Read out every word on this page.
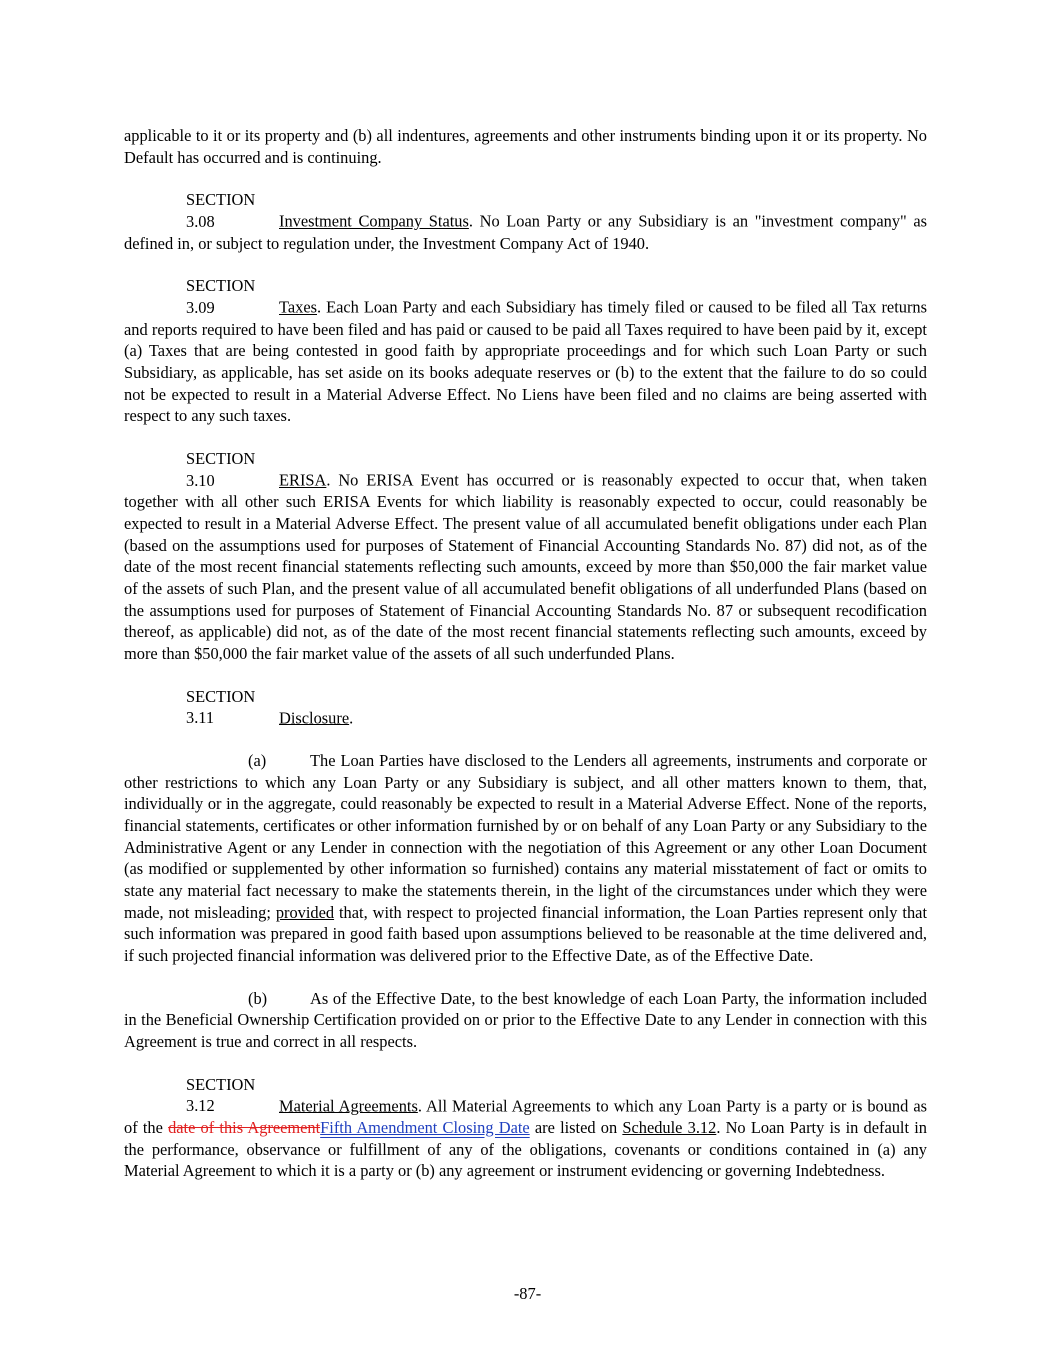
applicable to it or its property and (b) all indentures, agreements and other instruments binding upon it or its property. No Default has occurred and is continuing.

SECTION 3.08	Investment Company Status. No Loan Party or any Subsidiary is an "investment company" as defined in, or subject to regulation under, the Investment Company Act of 1940.

SECTION 3.09	Taxes. Each Loan Party and each Subsidiary has timely filed or caused to be filed all Tax returns and reports required to have been filed and has paid or caused to be paid all Taxes required to have been paid by it, except (a) Taxes that are being contested in good faith by appropriate proceedings and for which such Loan Party or such Subsidiary, as applicable, has set aside on its books adequate reserves or (b) to the extent that the failure to do so could not be expected to result in a Material Adverse Effect. No Liens have been filed and no claims are being asserted with respect to any such taxes.

SECTION 3.10	ERISA. No ERISA Event has occurred or is reasonably expected to occur that, when taken together with all other such ERISA Events for which liability is reasonably expected to occur, could reasonably be expected to result in a Material Adverse Effect. The present value of all accumulated benefit obligations under each Plan (based on the assumptions used for purposes of Statement of Financial Accounting Standards No. 87) did not, as of the date of the most recent financial statements reflecting such amounts, exceed by more than $50,000 the fair market value of the assets of such Plan, and the present value of all accumulated benefit obligations of all underfunded Plans (based on the assumptions used for purposes of Statement of Financial Accounting Standards No. 87 or subsequent recodification thereof, as applicable) did not, as of the date of the most recent financial statements reflecting such amounts, exceed by more than $50,000 the fair market value of the assets of all such underfunded Plans.

SECTION 3.11	Disclosure.

(a)	The Loan Parties have disclosed to the Lenders all agreements, instruments and corporate or other restrictions to which any Loan Party or any Subsidiary is subject, and all other matters known to them, that, individually or in the aggregate, could reasonably be expected to result in a Material Adverse Effect. None of the reports, financial statements, certificates or other information furnished by or on behalf of any Loan Party or any Subsidiary to the Administrative Agent or any Lender in connection with the negotiation of this Agreement or any other Loan Document (as modified or supplemented by other information so furnished) contains any material misstatement of fact or omits to state any material fact necessary to make the statements therein, in the light of the circumstances under which they were made, not misleading; provided that, with respect to projected financial information, the Loan Parties represent only that such information was prepared in good faith based upon assumptions believed to be reasonable at the time delivered and, if such projected financial information was delivered prior to the Effective Date, as of the Effective Date.

(b)	As of the Effective Date, to the best knowledge of each Loan Party, the information included in the Beneficial Ownership Certification provided on or prior to the Effective Date to any Lender in connection with this Agreement is true and correct in all respects.

SECTION 3.12	Material Agreements. All Material Agreements to which any Loan Party is a party or is bound as of the date of this AgreementFifth Amendment Closing Date are listed on Schedule 3.12. No Loan Party is in default in the performance, observance or fulfillment of any of the obligations, covenants or conditions contained in (a) any Material Agreement to which it is a party or (b) any agreement or instrument evidencing or governing Indebtedness.

-87-
